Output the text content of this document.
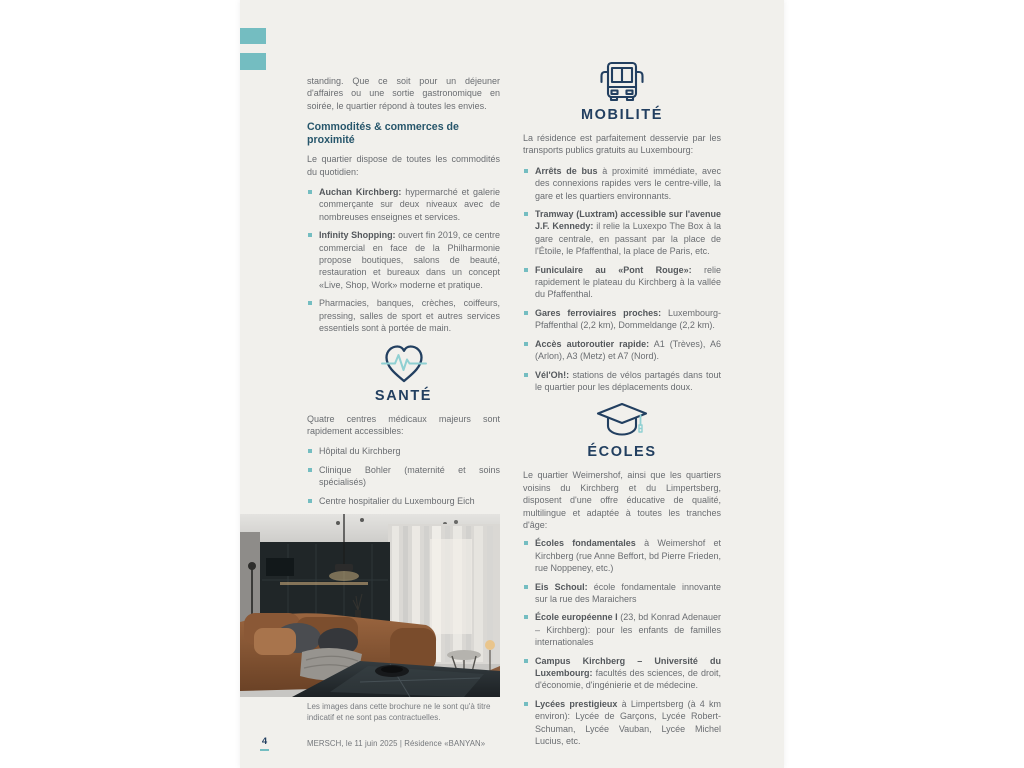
standing. Que ce soit pour un déjeuner d'affaires ou une sortie gastronomique en soirée, le quartier répond à toutes les envies.

Commodités & commerces de proximité

Le quartier dispose de toutes les commodités du quotidien:

Auchan Kirchberg: hypermarché et galerie commerçante sur deux niveaux avec de nombreuses enseignes et services.
Infinity Shopping: ouvert fin 2019, ce centre commercial en face de la Philharmonie propose boutiques, salons de beauté, restauration et bureaux dans un concept «Live, Shop, Work» moderne et pratique.
Pharmacies, banques, crèches, coiffeurs, pressing, salles de sport et autres services essentiels sont à portée de main.
SANTÉ

Quatre centres médicaux majeurs sont rapidement accessibles:

Hôpital du Kirchberg
Clinique Bohler (maternité et soins spécialisés)
Centre hospitalier du Luxembourg Eich

MOBILITÉ

La résidence est parfaitement desservie par les transports publics gratuits au Luxembourg:

Arrêts de bus à proximité immédiate, avec des connexions rapides vers le centre-ville, la gare et les quartiers environnants.
Tramway (Luxtram) accessible sur l'avenue J.F. Kennedy: il relie la Luxexpo The Box à la gare centrale, en passant par la place de l'Étoile, le Pfaffenthal, la place de Paris, etc.
Funiculaire au «Pont Rouge»: relie rapidement le plateau du Kirchberg à la vallée du Pfaffenthal.
Gares ferroviaires proches: Luxembourg-Pfaffenthal (2,2 km), Dommeldange (2,2 km).
Accès autoroutier rapide: A1 (Trèves), A6 (Arlon), A3 (Metz) et A7 (Nord).
Vél'Oh!: stations de vélos partagés dans tout le quartier pour les déplacements doux.
ÉCOLES

Le quartier Weimershof, ainsi que les quartiers voisins du Kirchberg et du Limpertsberg, disposent d'une offre éducative de qualité, multilingue et adaptée à toutes les tranches d'âge:

Écoles fondamentales à Weimershof et Kirchberg (rue Anne Beffort, bd Pierre Frieden, rue Noppeney, etc.)
Eis Schoul: école fondamentale innovante sur la rue des Maraichers
École européenne I (23, bd Konrad Adenauer – Kirchberg): pour les enfants de familles internationales
Campus Kirchberg – Université du Luxembourg: facultés des sciences, de droit, d'économie, d'ingénierie et de médecine.
Lycées prestigieux à Limpertsberg (à 4 km environ): Lycée de Garçons, Lycée Robert-Schuman, Lycée Vauban, Lycée Michel Lucius, etc.
Les images dans cette brochure ne le sont qu'à titre indicatif et ne sont pas contractuelles.
4	MERSCH, le 11 juin 2025 | Résidence «BANYAN»
